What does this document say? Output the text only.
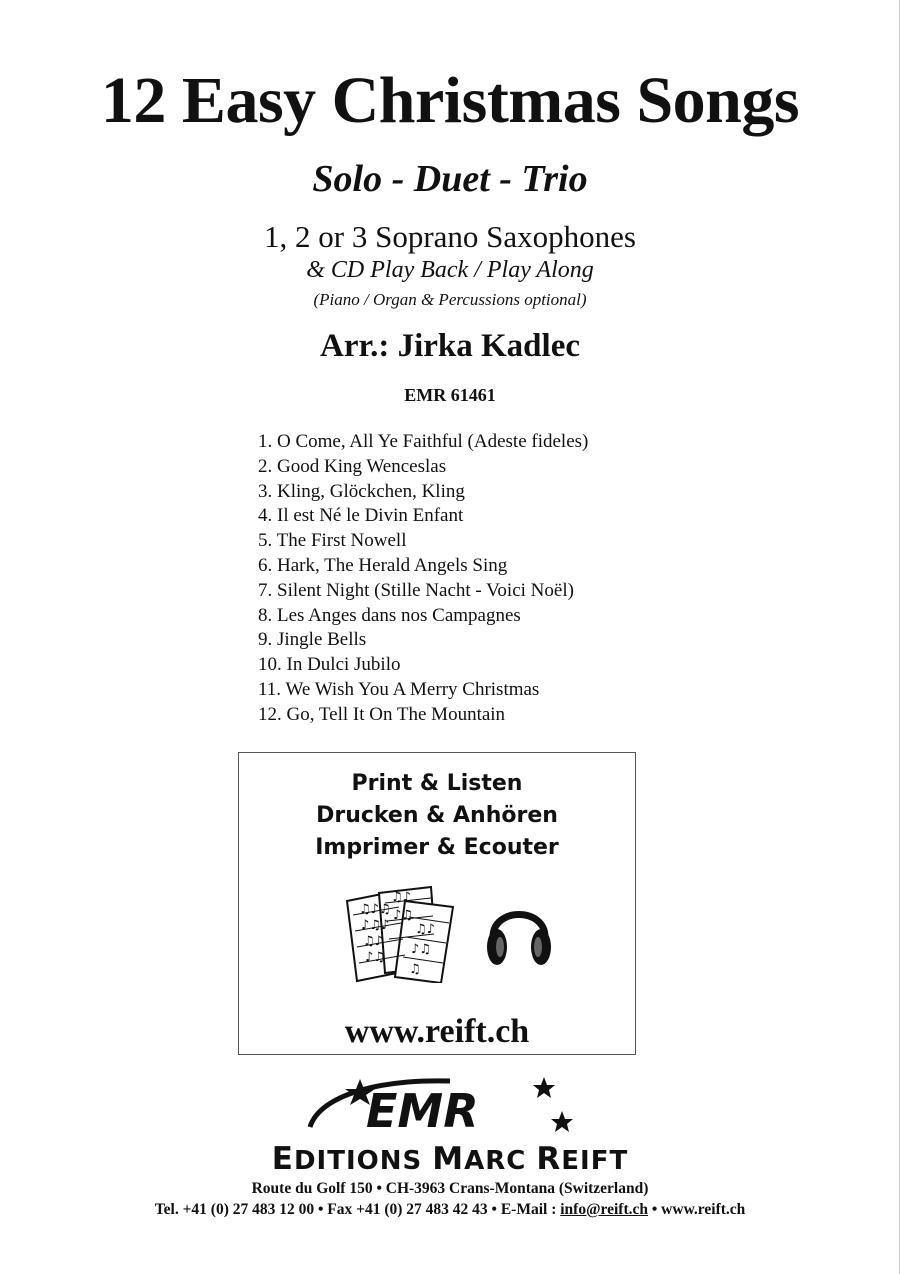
12 Easy Christmas Songs
Solo - Duet - Trio
1, 2 or 3 Soprano Saxophones
& CD Play Back / Play Along
(Piano / Organ & Percussions optional)
Arr.: Jirka Kadlec
EMR 61461
1. O Come, All Ye Faithful (Adeste fideles)
2. Good King Wenceslas
3. Kling, Glöckchen, Kling
4. Il est Né le Divin Enfant
5. The First Nowell
6. Hark, The Herald Angels Sing
7. Silent Night (Stille Nacht - Voici Noël)
8. Les Anges dans nos Campagnes
9. Jingle Bells
10. In Dulci Jubilo
11. We Wish You A Merry Christmas
12. Go, Tell It On The Mountain
Print & Listen
Drucken & Anhören
Imprimer & Ecouter
♫♪♫
♪♫♪
♫♪
♪♫
♫♪
♪♫
♫♪
♪♫
♫
www.reift.ch
EMR
EDITIONS MARC REIFT
Route du Golf 150 • CH-3963 Crans-Montana (Switzerland)
Tel. +41 (0) 27 483 12 00 • Fax +41 (0) 27 483 42 43 • E-Mail : info@reift.ch • www.reift.ch
